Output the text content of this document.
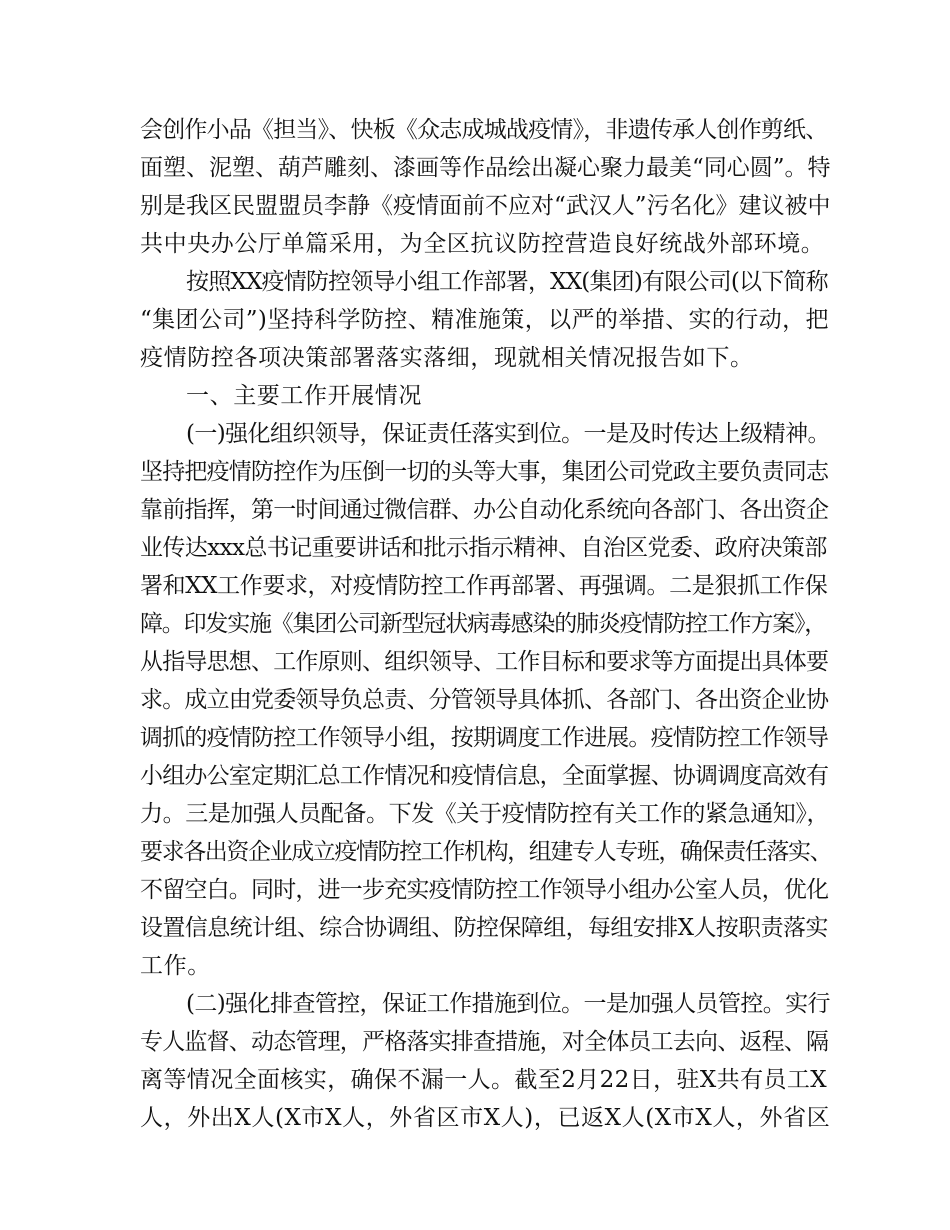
会创作小品《担当》、快板《众志成城战疫情》，非遗传承人创作剪纸、
面塑、泥塑、葫芦雕刻、漆画等作品绘出凝心聚力最美“同心圆”。特
别是我区民盟盟员李静《疫情面前不应对“武汉人”污名化》建议被中
共中央办公厅单篇采用，为全区抗议防控营造良好统战外部环境。
按照XX疫情防控领导小组工作部署，XX(集团)有限公司(以下简称
“集团公司”)坚持科学防控、精准施策，以严的举措、实的行动，把
疫情防控各项决策部署落实落细，现就相关情况报告如下。
一、主要工作开展情况
(一)强化组织领导，保证责任落实到位。一是及时传达上级精神。
坚持把疫情防控作为压倒一切的头等大事，集团公司党政主要负责同志
靠前指挥，第一时间通过微信群、办公自动化系统向各部门、各出资企
业传达xxx总书记重要讲话和批示指示精神、自治区党委、政府决策部
署和XX工作要求，对疫情防控工作再部署、再强调。二是狠抓工作保
障。印发实施《集团公司新型冠状病毒感染的肺炎疫情防控工作方案》，
从指导思想、工作原则、组织领导、工作目标和要求等方面提出具体要
求。成立由党委领导负总责、分管领导具体抓、各部门、各出资企业协
调抓的疫情防控工作领导小组，按期调度工作进展。疫情防控工作领导
小组办公室定期汇总工作情况和疫情信息，全面掌握、协调调度高效有
力。三是加强人员配备。下发《关于疫情防控有关工作的紧急通知》，
要求各出资企业成立疫情防控工作机构，组建专人专班，确保责任落实、
不留空白。同时，进一步充实疫情防控工作领导小组办公室人员，优化
设置信息统计组、综合协调组、防控保障组，每组安排X人按职责落实
工作。
(二)强化排查管控，保证工作措施到位。一是加强人员管控。实行
专人监督、动态管理，严格落实排查措施，对全体员工去向、返程、隔
离等情况全面核实，确保不漏一人。截至2月22日，驻X共有员工X
人，外出X人(X市X人，外省区市X人)，已返X人(X市X人，外省区
